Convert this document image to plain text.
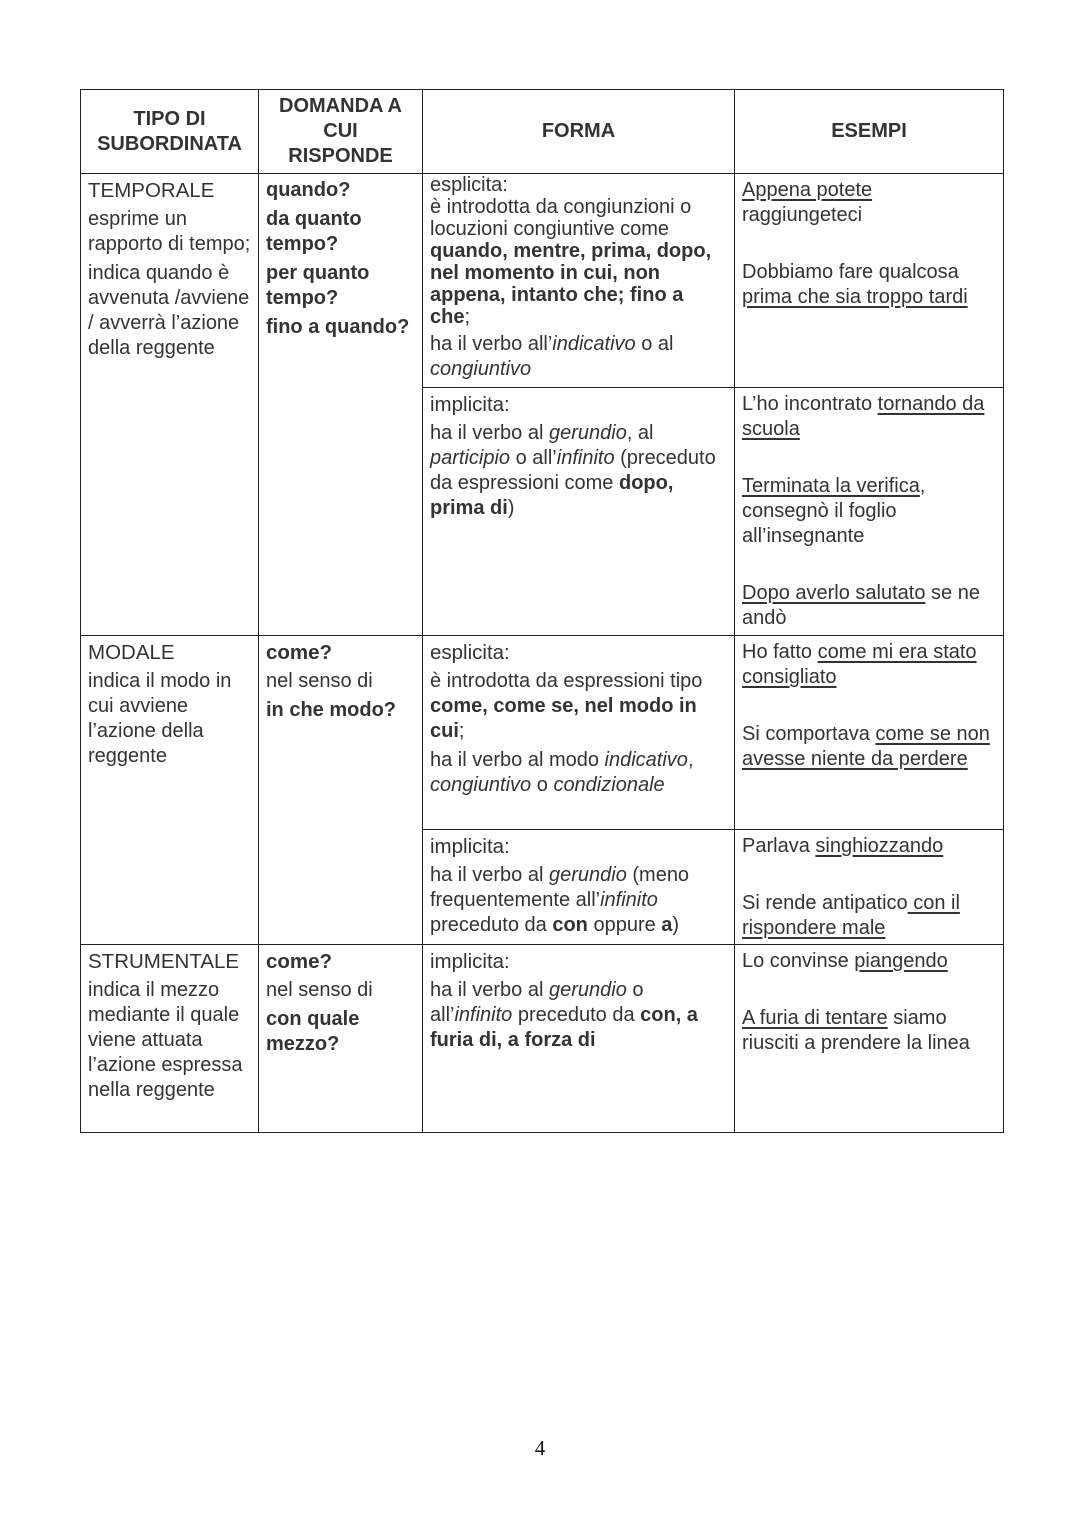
TIPO DI SUBORDINATA	DOMANDA A CUI RISPONDE	FORMA	ESEMPI

TEMPORALE
esprime un rapporto di tempo;
indica quando è avvenuta /avviene / avverrà l’azione della reggente	quando?
da quanto tempo?
per quanto tempo?
fino a quando?	esplicita:
è introdotta da congiunzioni o locuzioni congiuntive come quando, mentre, prima, dopo, nel momento in cui, non appena, intanto che; fino a che;
ha il verbo all’indicativo o al congiuntivo	Appena potete
raggiungeteci
Dobbiamo fare qualcosa
prima che sia troppo tardi

		implicita:
ha il verbo al gerundio, al participio o all’infinito (preceduto da espressioni come dopo, prima di)	L’ho incontrato tornando da scuola
Terminata la verifica, consegnò il foglio all’insegnante
Dopo averlo salutato se ne andò

MODALE
indica il modo in cui avviene l’azione della reggente	come?
nel senso di
in che modo?	esplicita:
è introdotta da espressioni tipo come, come se, nel modo in cui;
ha il verbo al modo indicativo, congiuntivo o condizionale	Ho fatto come mi era stato consigliato
Si comportava come se non avesse niente da perdere

		implicita:
ha il verbo al gerundio (meno frequentemente all’infinito preceduto da con oppure a)	Parlava singhiozzando
Si rende antipatico con il rispondere male

STRUMENTALE
indica il mezzo mediante il quale viene attuata l’azione espressa nella reggente	come?
nel senso di
con quale mezzo?	implicita:
ha il verbo al gerundio o all’infinito preceduto da con, a furia di, a forza di	Lo convinse piangendo
A furia di tentare siamo riusciti a prendere la linea
4
